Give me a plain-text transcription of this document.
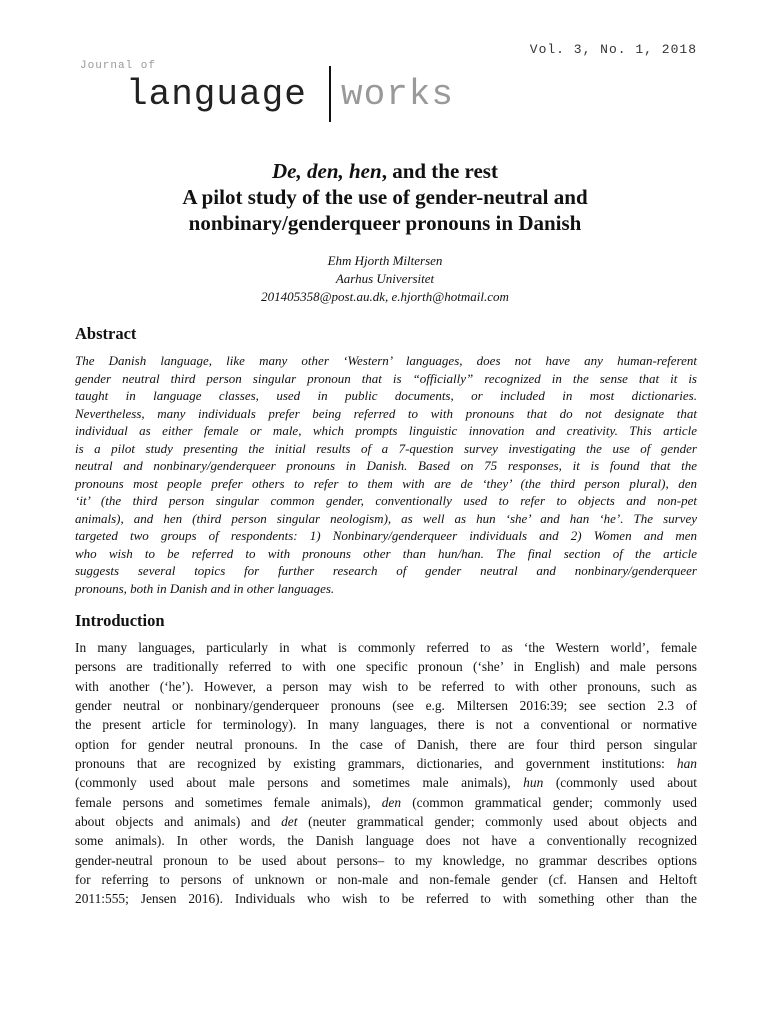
Vol. 3, No. 1, 2018
Journal of
language works
De, den, hen, and the rest
A pilot study of the use of gender-neutral and
nonbinary/genderqueer pronouns in Danish
Ehm Hjorth Miltersen
Aarhus Universitet
201405358@post.au.dk, e.hjorth@hotmail.com
Abstract
The Danish language, like many other ‘Western’ languages, does not have any human-referent
gender neutral third person singular pronoun that is “officially” recognized in the sense that it is
taught in language classes, used in public documents, or included in most dictionaries.
Nevertheless, many individuals prefer being referred to with pronouns that do not designate that
individual as either female or male, which prompts linguistic innovation and creativity. This article
is a pilot study presenting the initial results of a 7-question survey investigating the use of gender
neutral and nonbinary/genderqueer pronouns in Danish. Based on 75 responses, it is found that the
pronouns most people prefer others to refer to them with are de ‘they’ (the third person plural), den
‘it’ (the third person singular common gender, conventionally used to refer to objects and non-pet
animals), and hen (third person singular neologism), as well as hun ‘she’ and han ‘he’. The survey
targeted two groups of respondents: 1) Nonbinary/genderqueer individuals and 2) Women and men
who wish to be referred to with pronouns other than hun/han. The final section of the article
suggests several topics for further research of gender neutral and nonbinary/genderqueer
pronouns, both in Danish and in other languages.
Introduction
In many languages, particularly in what is commonly referred to as ‘the Western world’, female
persons are traditionally referred to with one specific pronoun (‘she’ in English) and male persons
with another (‘he’). However, a person may wish to be referred to with other pronouns, such as
gender neutral or nonbinary/genderqueer pronouns (see e.g. Miltersen 2016:39; see section 2.3 of
the present article for terminology). In many languages, there is not a conventional or normative
option for gender neutral pronouns. In the case of Danish, there are four third person singular
pronouns that are recognized by existing grammars, dictionaries, and government institutions: han
(commonly used about male persons and sometimes male animals), hun (commonly used about
female persons and sometimes female animals), den (common grammatical gender; commonly used
about objects and animals) and det (neuter grammatical gender; commonly used about objects and
some animals). In other words, the Danish language does not have a conventionally recognized
gender-neutral pronoun to be used about persons– to my knowledge, no grammar describes options
for referring to persons of unknown or non-male and non-female gender (cf. Hansen and Heltoft
2011:555; Jensen 2016). Individuals who wish to be referred to with something other than the
